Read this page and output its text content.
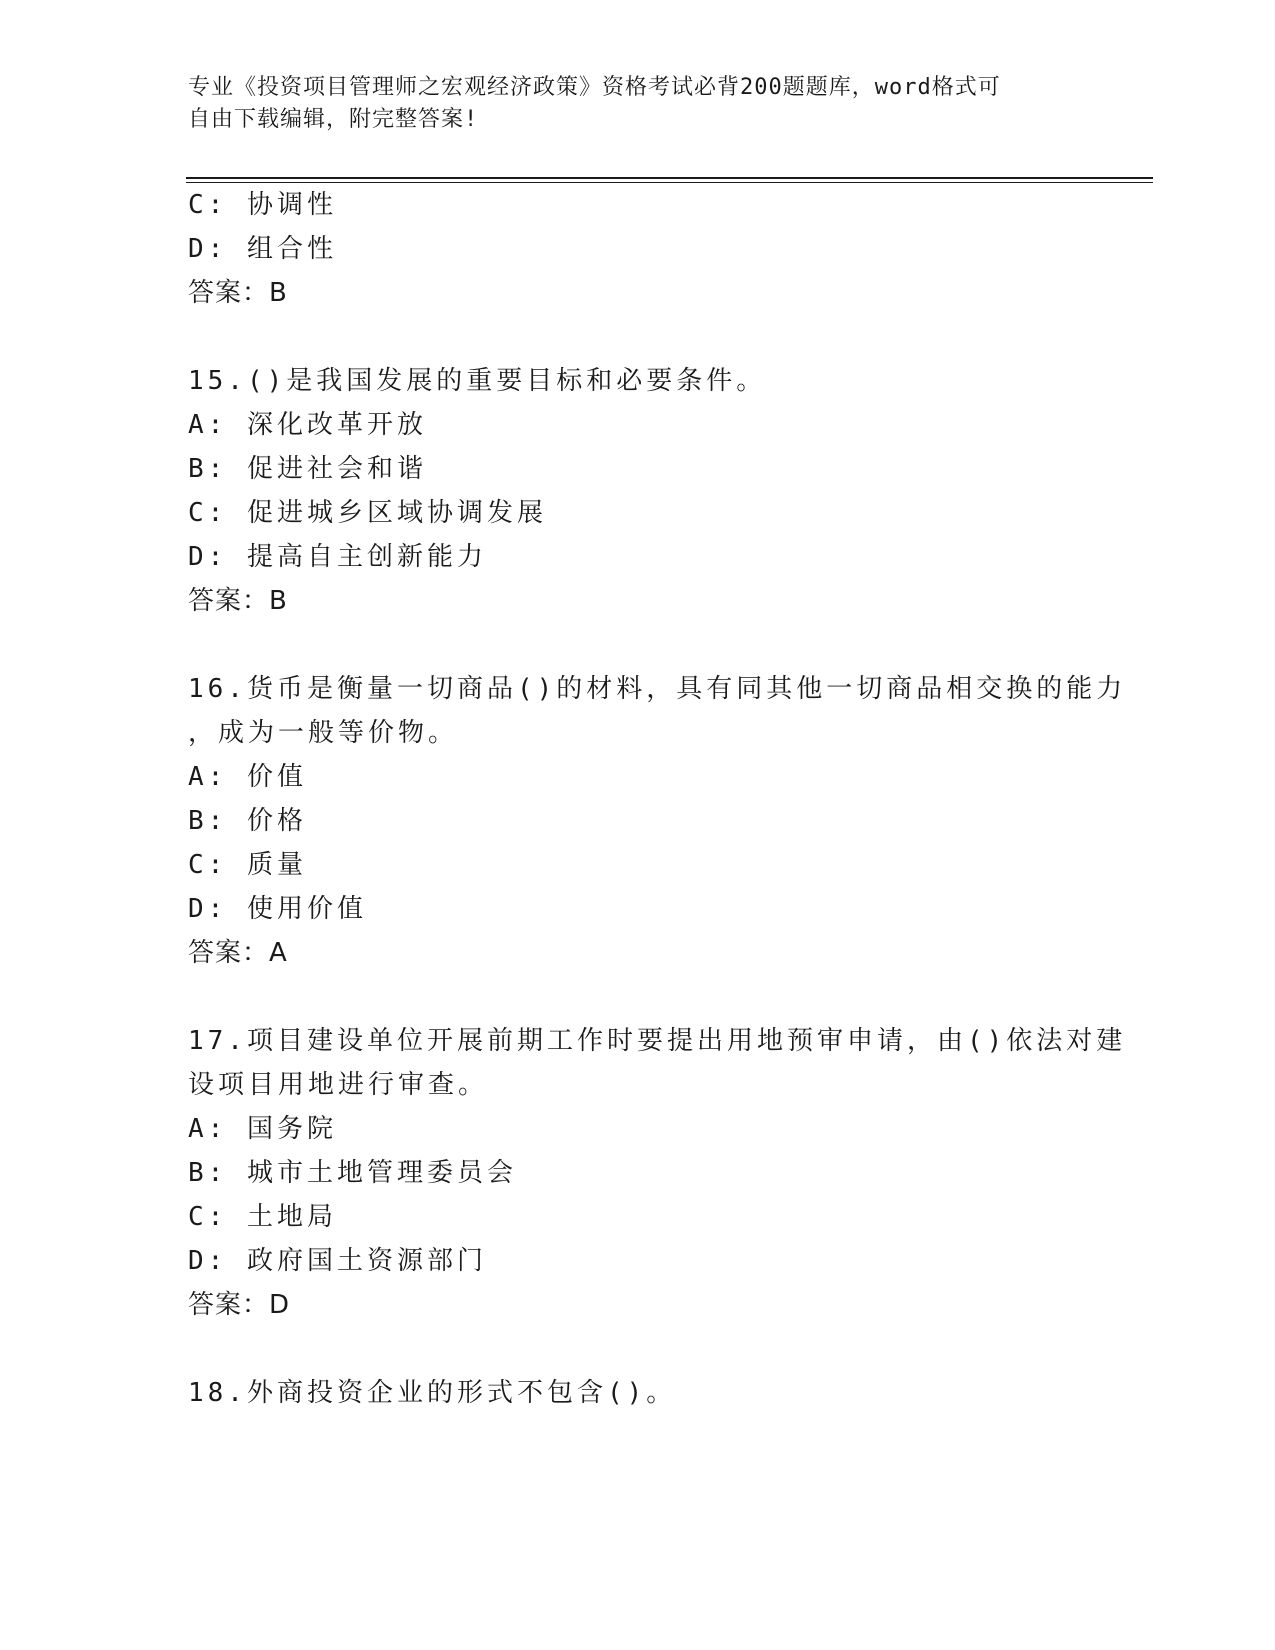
专业《投资项目管理师之宏观经济政策》资格考试必背200题题库，word格式可
自由下载编辑，附完整答案!
C: 协调性
D: 组合性
答案：B
15.()是我国发展的重要目标和必要条件。
A: 深化改革开放
B: 促进社会和谐
C: 促进城乡区域协调发展
D: 提高自主创新能力
答案：B
16.货币是衡量一切商品()的材料，具有同其他一切商品相交换的能力
，成为一般等价物。
A: 价值
B: 价格
C: 质量
D: 使用价值
答案：A
17.项目建设单位开展前期工作时要提出用地预审申请，由()依法对建
设项目用地进行审查。
A: 国务院
B: 城市土地管理委员会
C: 土地局
D: 政府国土资源部门
答案：D
18.外商投资企业的形式不包含()。
